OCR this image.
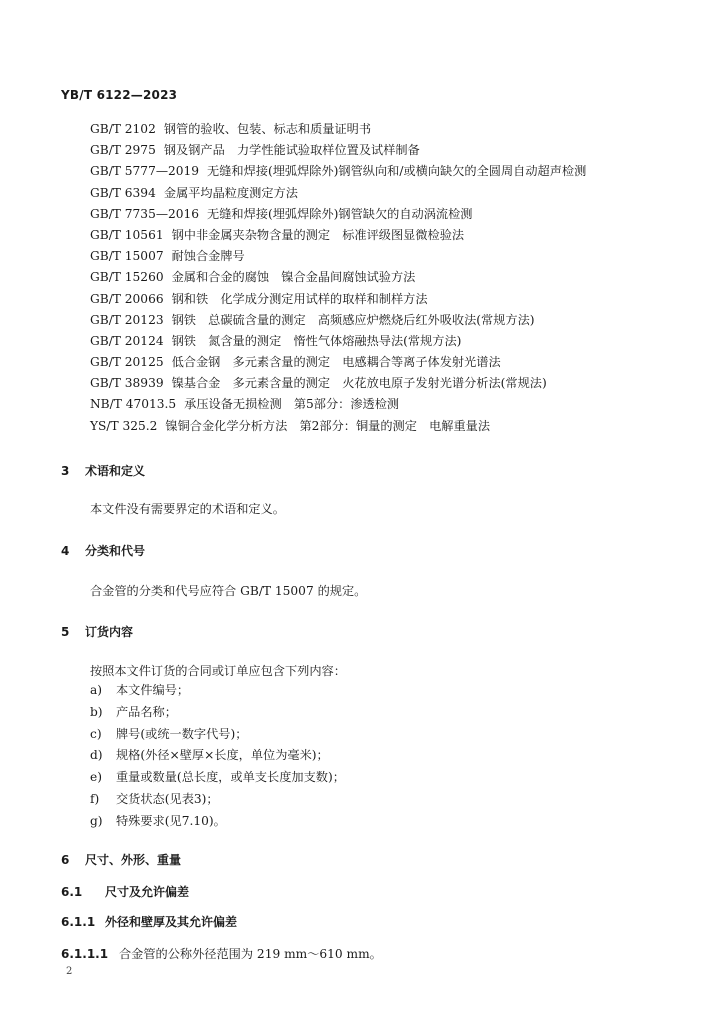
YB/T 6122—2023
GB/T 2102 钢管的验收、包装、标志和质量证明书
GB/T 2975 钢及钢产品　力学性能试验取样位置及试样制备
GB/T 5777—2019 无缝和焊接(埋弧焊除外)钢管纵向和/或横向缺欠的全圆周自动超声检测
GB/T 6394 金属平均晶粒度测定方法
GB/T 7735—2016 无缝和焊接(埋弧焊除外)钢管缺欠的自动涡流检测
GB/T 10561 钢中非金属夹杂物含量的测定　标准评级图显微检验法
GB/T 15007 耐蚀合金牌号
GB/T 15260 金属和合金的腐蚀　镍合金晶间腐蚀试验方法
GB/T 20066 钢和铁　化学成分测定用试样的取样和制样方法
GB/T 20123 钢铁　总碳硫含量的测定　高频感应炉燃烧后红外吸收法(常规方法)
GB/T 20124 钢铁　氮含量的测定　惰性气体熔融热导法(常规方法)
GB/T 20125 低合金钢　多元素含量的测定　电感耦合等离子体发射光谱法
GB/T 38939 镍基合金　多元素含量的测定　火花放电原子发射光谱分析法(常规法)
NB/T 47013.5 承压设备无损检测　第5部分：渗透检测
YS/T 325.2 镍铜合金化学分析方法　第2部分：铜量的测定　电解重量法
3 术语和定义
本文件没有需要界定的术语和定义。
4 分类和代号
合金管的分类和代号应符合 GB/T 15007 的规定。
5 订货内容
按照本文件订货的合同或订单应包含下列内容：
a) 本文件编号；
b) 产品名称；
c) 牌号(或统一数字代号)；
d) 规格(外径×壁厚×长度，单位为毫米)；
e) 重量或数量(总长度，或单支长度加支数)；
f) 交货状态(见表3)；
g) 特殊要求(见7.10)。
6 尺寸、外形、重量
6.1 尺寸及允许偏差
6.1.1 外径和壁厚及其允许偏差
6.1.1.1 合金管的公称外径范围为 219 mm～610 mm。
2
